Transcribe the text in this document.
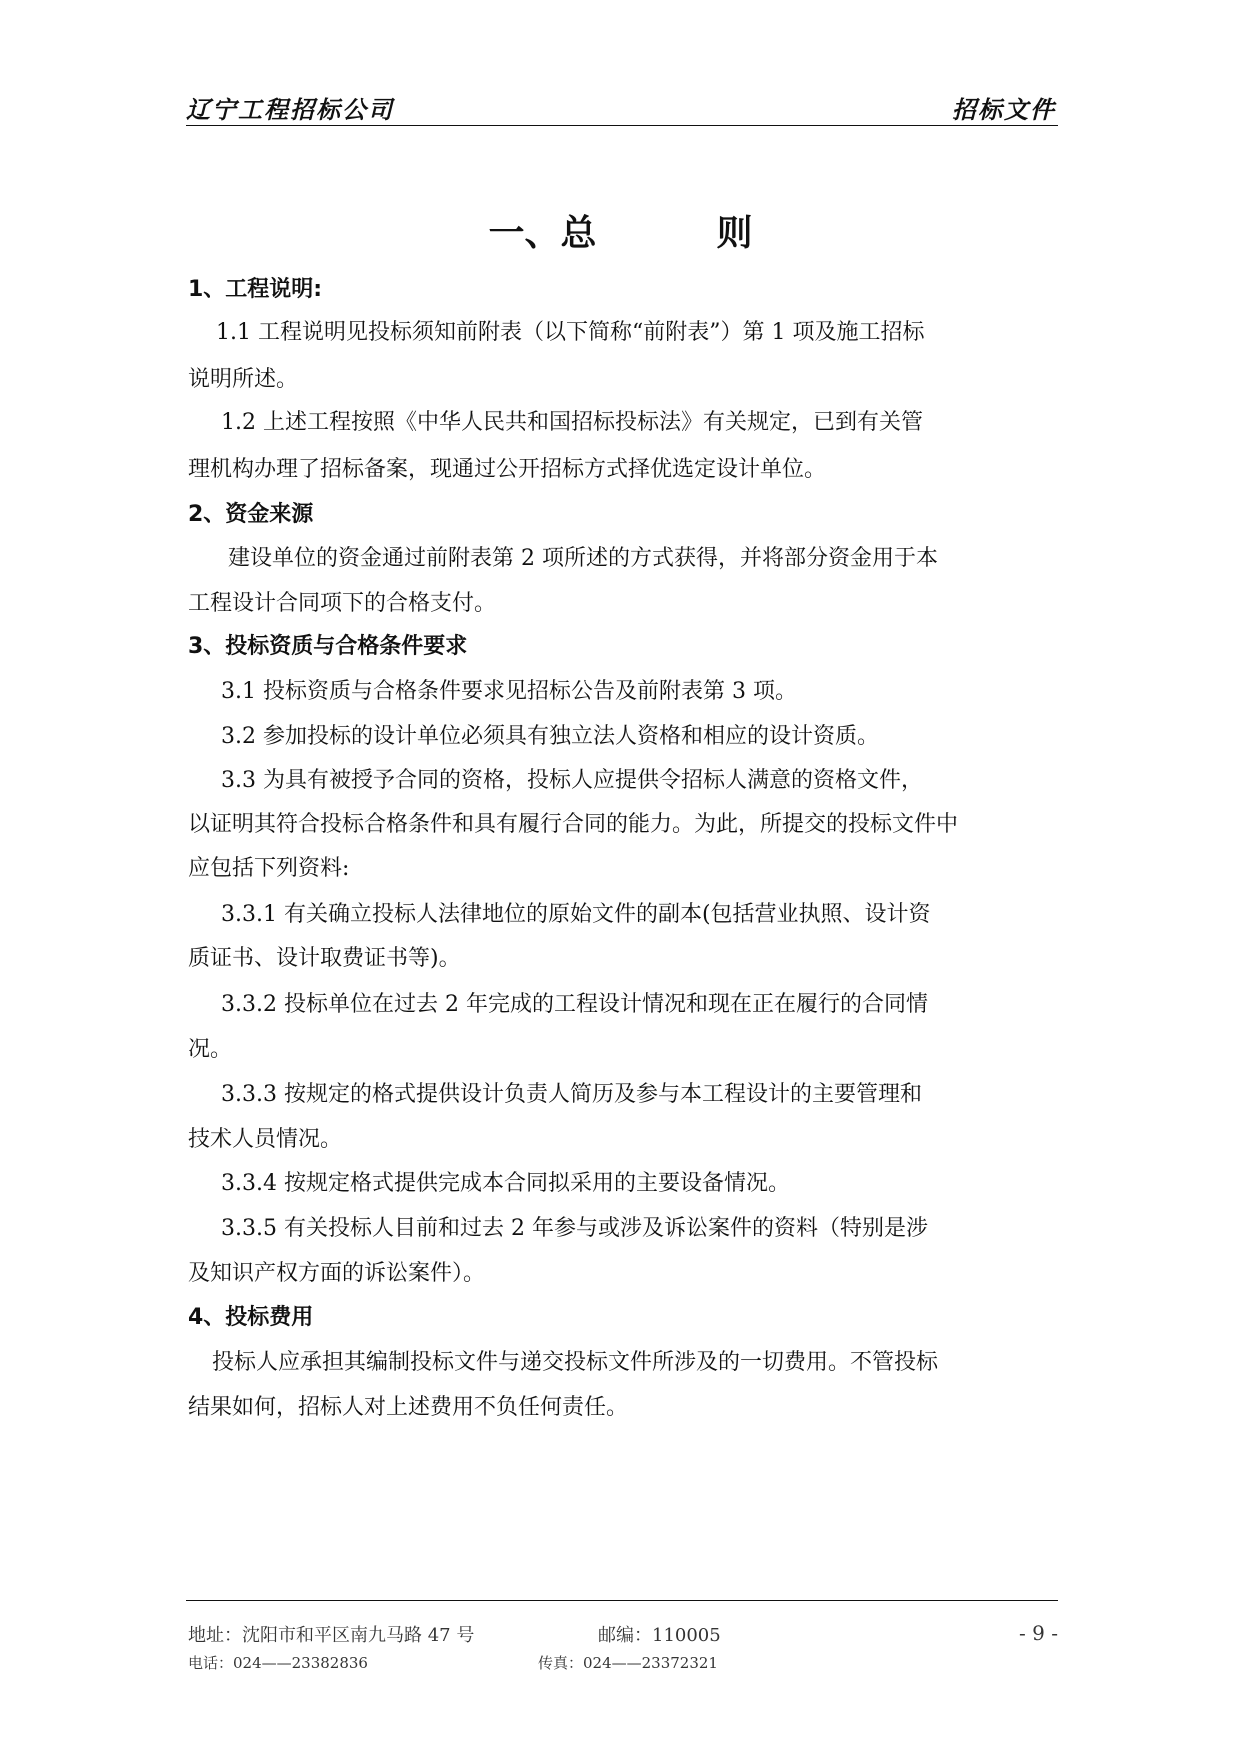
辽宁工程招标公司	招标文件
一、总	则
1、工程说明:
1.1 工程说明见投标须知前附表（以下简称“前附表”）第 1 项及施工招标
说明所述。
1.2 上述工程按照《中华人民共和国招标投标法》有关规定，已到有关管
理机构办理了招标备案，现通过公开招标方式择优选定设计单位。
2、资金来源
建设单位的资金通过前附表第 2 项所述的方式获得，并将部分资金用于本
工程设计合同项下的合格支付。
3、投标资质与合格条件要求
3.1 投标资质与合格条件要求见招标公告及前附表第 3 项。
3.2 参加投标的设计单位必须具有独立法人资格和相应的设计资质。
3.3 为具有被授予合同的资格，投标人应提供令招标人满意的资格文件，
以证明其符合投标合格条件和具有履行合同的能力。为此，所提交的投标文件中
应包括下列资料:
3.3.1 有关确立投标人法律地位的原始文件的副本(包括营业执照、设计资
质证书、设计取费证书等)。
3.3.2 投标单位在过去 2 年完成的工程设计情况和现在正在履行的合同情
况。
3.3.3 按规定的格式提供设计负责人简历及参与本工程设计的主要管理和
技术人员情况。
3.3.4 按规定格式提供完成本合同拟采用的主要设备情况。
3.3.5 有关投标人目前和过去 2 年参与或涉及诉讼案件的资料（特别是涉
及知识产权方面的诉讼案件）。
4、投标费用
投标人应承担其编制投标文件与递交投标文件所涉及的一切费用。不管投标
结果如何，招标人对上述费用不负任何责任。
地址：沈阳市和平区南九马路 47 号	邮编：110005	- 9 -
电话：024——23382836	传真：024——23372321
